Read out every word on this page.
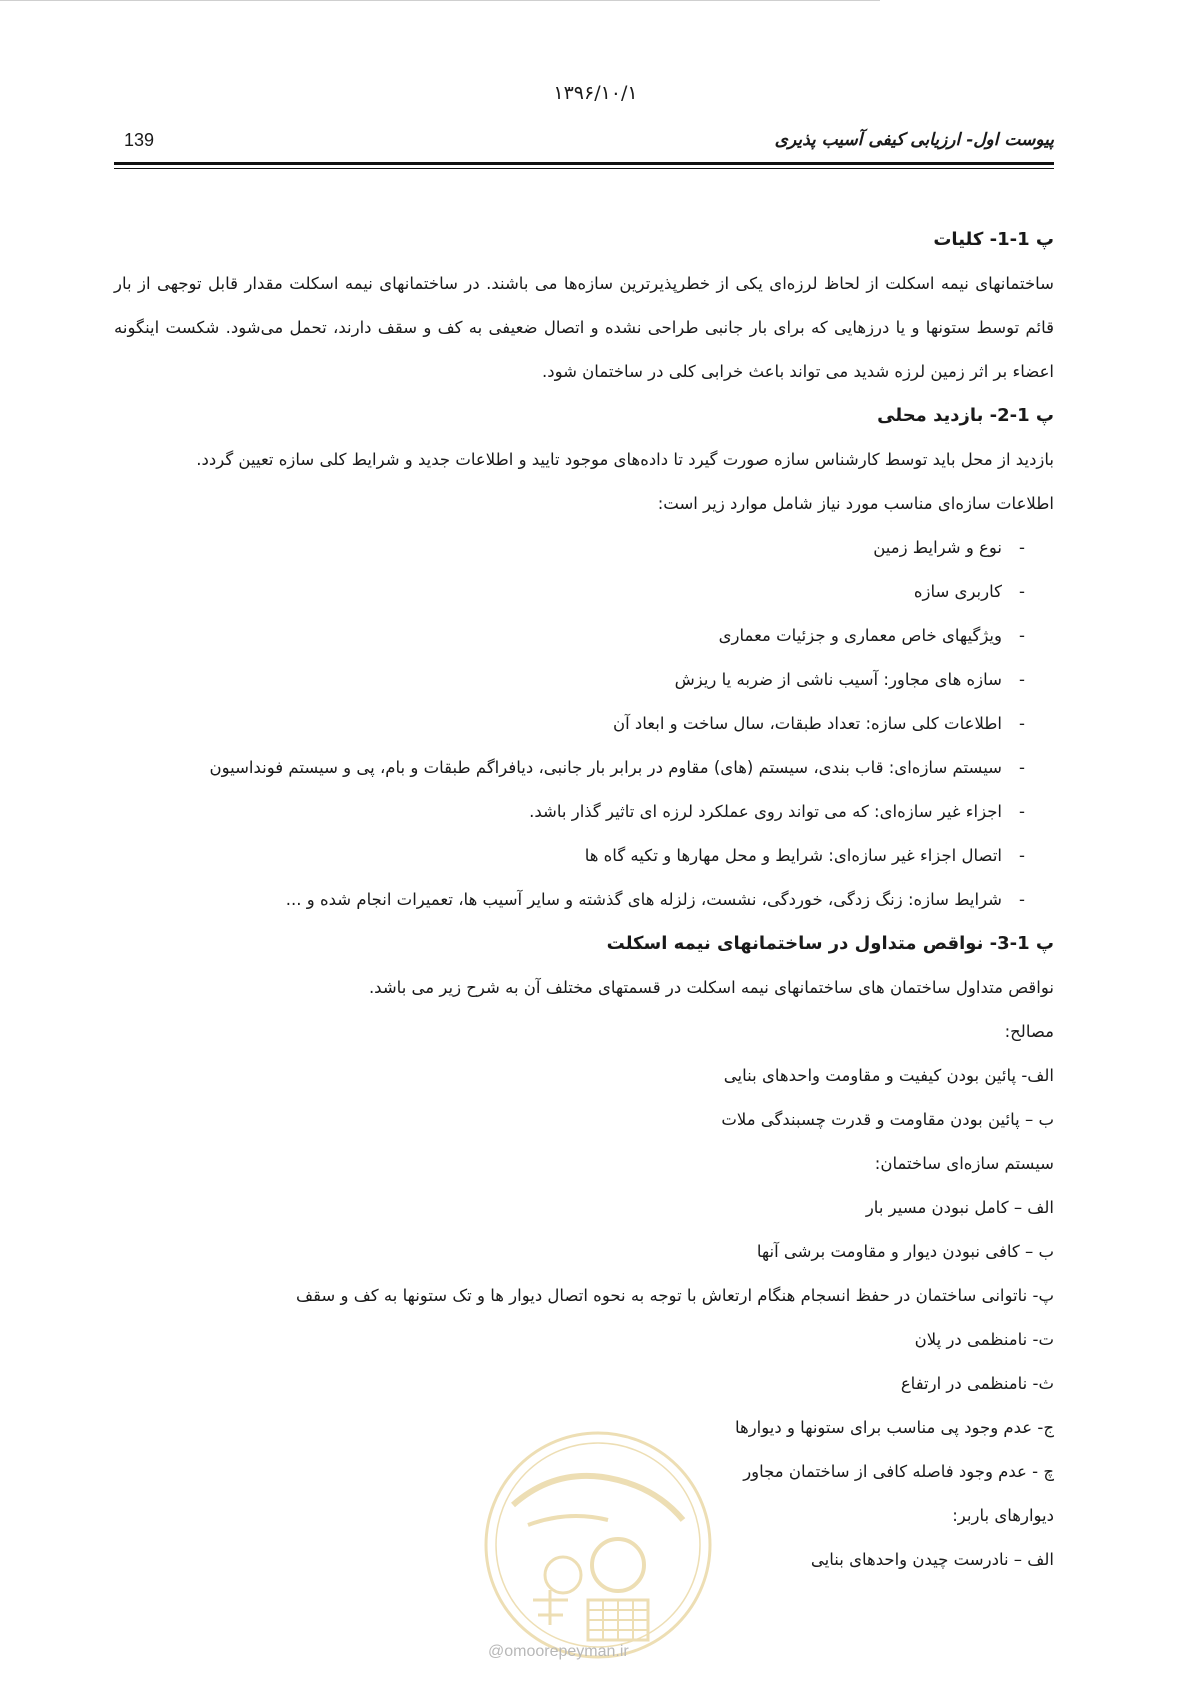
۱۳۹۶/۱۰/۱
139	پیوست اول- ارزیابی کیفی آسیب پذیری

پ 1-1- کلیات

ساختمانهای نیمه اسکلت از لحاظ لرزه‌ای یکی از خطرپذیرترین سازه‌ها می باشند. در ساختمانهای نیمه اسکلت مقدار قابل توجهی از بار قائم توسط ستونها و یا درزهایی که برای بار جانبی طراحی نشده و اتصال ضعیفی به کف و سقف دارند، تحمل می‌شود. شکست اینگونه اعضاء بر اثر زمین لرزه شدید می تواند باعث خرابی کلی در ساختمان شود.

پ 1-2- بازدید محلی

بازدید از محل باید توسط کارشناس سازه صورت گیرد تا داده‌های موجود تایید و اطلاعات جدید و شرایط کلی سازه تعیین گردد.

اطلاعات سازه‌ای مناسب مورد نیاز شامل موارد زیر است:

-نوع و شرایط زمین

-کاربری سازه

-ویژگیهای خاص معماری و جزئیات معماری

-سازه های مجاور: آسیب ناشی از ضربه یا ریزش

-اطلاعات کلی سازه: تعداد طبقات، سال ساخت و ابعاد آن

-سیستم سازه‌ای: قاب بندی، سیستم (های) مقاوم در برابر بار جانبی، دیافراگم طبقات و بام، پی و سیستم فونداسیون

-اجزاء غیر سازه‌ای: که می تواند روی عملکرد لرزه ای تاثیر گذار باشد.

-اتصال اجزاء غیر سازه‌ای: شرایط و محل مهارها و تکیه گاه ها

-شرایط سازه: زنگ زدگی، خوردگی، نشست، زلزله های گذشته و سایر آسیب ها، تعمیرات انجام شده و ...

پ 1-3- نواقص متداول در ساختمانهای نیمه اسکلت

نواقص متداول ساختمان های ساختمانهای نیمه اسکلت در قسمتهای مختلف آن به شرح زیر می باشد.

مصالح:

الف- پائین بودن کیفیت و مقاومت واحدهای بنایی

ب – پائین بودن مقاومت و قدرت چسبندگی ملات

سیستم سازه‌ای ساختمان:

الف – کامل نبودن مسیر بار

ب – کافی نبودن دیوار و مقاومت برشی آنها

پ- ناتوانی ساختمان در حفظ انسجام هنگام ارتعاش با توجه به نحوه اتصال دیوار ها و تک ستونها به کف و سقف

ت- نامنظمی در پلان

ث- نامنظمی در ارتفاع

ج- عدم وجود پی مناسب برای ستونها و دیوارها

چ - عدم وجود فاصله کافی از ساختمان مجاور

دیوارهای باربر:

الف – نادرست چیدن واحدهای بنایی

@omoorepeyman.ir
